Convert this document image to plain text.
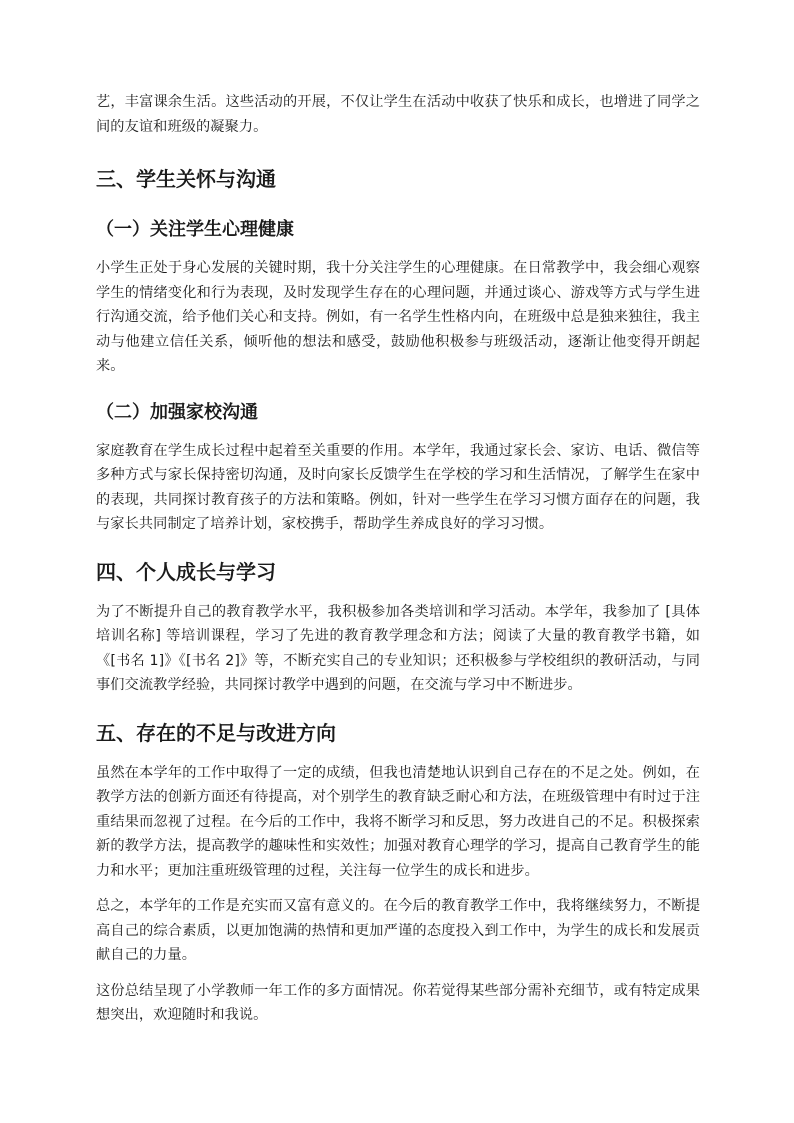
艺，丰富课余生活。这些活动的开展，不仅让学生在活动中收获了快乐和成长，也增进了同学之间的友谊和班级的凝聚力。

三、学生关怀与沟通
（一）关注学生心理健康

小学生正处于身心发展的关键时期，我十分关注学生的心理健康。在日常教学中，我会细心观察学生的情绪变化和行为表现，及时发现学生存在的心理问题，并通过谈心、游戏等方式与学生进行沟通交流，给予他们关心和支持。例如，有一名学生性格内向，在班级中总是独来独往，我主动与他建立信任关系，倾听他的想法和感受，鼓励他积极参与班级活动，逐渐让他变得开朗起来。

（二）加强家校沟通

家庭教育在学生成长过程中起着至关重要的作用。本学年，我通过家长会、家访、电话、微信等多种方式与家长保持密切沟通，及时向家长反馈学生在学校的学习和生活情况，了解学生在家中的表现，共同探讨教育孩子的方法和策略。例如，针对一些学生在学习习惯方面存在的问题，我与家长共同制定了培养计划，家校携手，帮助学生养成良好的学习习惯。

四、个人成长与学习

为了不断提升自己的教育教学水平，我积极参加各类培训和学习活动。本学年，我参加了 [具体培训名称] 等培训课程，学习了先进的教育教学理念和方法；阅读了大量的教育教学书籍，如《[书名 1]》《[书名 2]》等，不断充实自己的专业知识；还积极参与学校组织的教研活动，与同事们交流教学经验，共同探讨教学中遇到的问题，在交流与学习中不断进步。

五、存在的不足与改进方向

虽然在本学年的工作中取得了一定的成绩，但我也清楚地认识到自己存在的不足之处。例如，在教学方法的创新方面还有待提高，对个别学生的教育缺乏耐心和方法，在班级管理中有时过于注重结果而忽视了过程。在今后的工作中，我将不断学习和反思，努力改进自己的不足。积极探索新的教学方法，提高教学的趣味性和实效性；加强对教育心理学的学习，提高自己教育学生的能力和水平；更加注重班级管理的过程，关注每一位学生的成长和进步。

总之，本学年的工作是充实而又富有意义的。在今后的教育教学工作中，我将继续努力，不断提高自己的综合素质，以更加饱满的热情和更加严谨的态度投入到工作中，为学生的成长和发展贡献自己的力量。

这份总结呈现了小学教师一年工作的多方面情况。你若觉得某些部分需补充细节，或有特定成果想突出，欢迎随时和我说。
